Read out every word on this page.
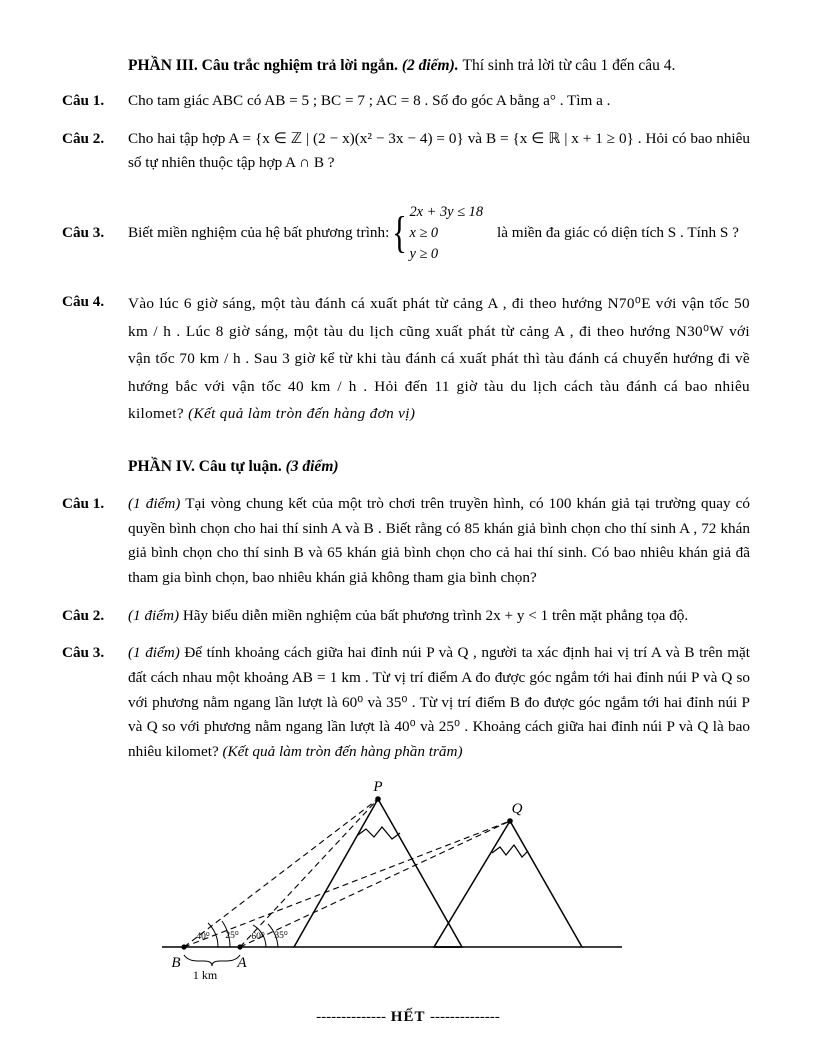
PHẦN III. Câu trắc nghiệm trả lời ngắn. (2 điểm). Thí sinh trả lời từ câu 1 đến câu 4.
Câu 1.	Cho tam giác ABC có AB = 5 ; BC = 7 ; AC = 8 . Số đo góc A bằng a° . Tìm a .
Câu 2.	Cho hai tập hợp A = {x ∈ ℤ | (2 − x)(x² − 3x − 4) = 0} và B = {x ∈ ℝ | x + 1 ≥ 0} . Hỏi có bao nhiêu số tự nhiên thuộc tập hợp A ∩ B ?
Câu 3.	Biết miền nghiệm của hệ bất phương trình: { 2x + 3y ≤ 18
x ≥ 0
y ≥ 0
là miền đa giác có diện tích S . Tính S ?
Câu 4.	Vào lúc 6 giờ sáng, một tàu đánh cá xuất phát từ cảng A , đi theo hướng N70⁰E với vận tốc 50 km / h . Lúc 8 giờ sáng, một tàu du lịch cũng xuất phát từ cảng A , đi theo hướng N30⁰W với vận tốc 70 km / h . Sau 3 giờ kể từ khi tàu đánh cá xuất phát thì tàu đánh cá chuyển hướng đi về hướng bắc với vận tốc 40 km / h . Hỏi đến 11 giờ tàu du lịch cách tàu đánh cá bao nhiêu kilomet? (Kết quả làm tròn đến hàng đơn vị)
PHẦN IV. Câu tự luận. (3 điểm)
Câu 1.	(1 điểm) Tại vòng chung kết của một trò chơi trên truyền hình, có 100 khán giả tại trường quay có quyền bình chọn cho hai thí sinh A và B . Biết rằng có 85 khán giả bình chọn cho thí sinh A , 72 khán giả bình chọn cho thí sinh B và 65 khán giả bình chọn cho cả hai thí sinh. Có bao nhiêu khán giả đã tham gia bình chọn, bao nhiêu khán giả không tham gia bình chọn?
Câu 2.	(1 điểm) Hãy biểu diễn miền nghiệm của bất phương trình 2x + y < 1 trên mặt phẳng tọa độ.
Câu 3.	(1 điểm) Để tính khoảng cách giữa hai đỉnh núi P và Q , người ta xác định hai vị trí A và B trên mặt đất cách nhau một khoảng AB = 1 km . Từ vị trí điểm A đo được góc ngắm tới hai đỉnh núi P và Q so với phương nằm ngang lần lượt là 60⁰ và 35⁰ . Từ vị trí điểm B đo được góc ngắm tới hai đỉnh núi P và Q so với phương nằm ngang lần lượt là 40⁰ và 25⁰ . Khoảng cách giữa hai đỉnh núi P và Q là bao nhiêu kilomet? (Kết quả làm tròn đến hàng phần trăm)
P
Q
A
B
1 km
40⁰ 25⁰ 60⁰ 35⁰
-------------- HẾT --------------
